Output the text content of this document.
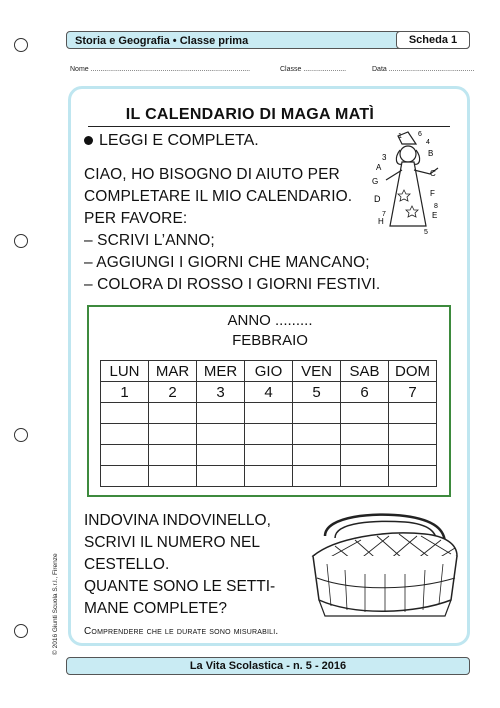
Storia e Geografia • Classe prima	Scheda 1
Nome ..................................................................................	Classe ......................	Data ............................................
IL CALENDARIO DI MAGA MATÌ
LEGGI E COMPLETA.
CIAO, HO BISOGNO DI AIUTO PER
COMPLETARE IL MIO CALENDARIO.
PER FAVORE:
– SCRIVI L’ANNO;
– AGGIUNGI I GIORNI CHE MANCANO;
– COLORA DI ROSSO I GIORNI FESTIVI.
1 6
4
3
A
B
G
C
D
F
E
H
8
7
5
ANNO .........
FEBBRAIO
LUN	MAR	MER	GIO	VEN	SAB	DOM
1	2	3	4	5	6	7

INDOVINA INDOVINELLO,
SCRIVI IL NUMERO NEL
CESTELLO.
QUANTE SONO LE SETTI-
MANE COMPLETE?
Comprendere che le durate sono misurabili.
La Vita Scolastica - n. 5 - 2016
© 2016 Giunti Scuola S.r.l., Firenze
